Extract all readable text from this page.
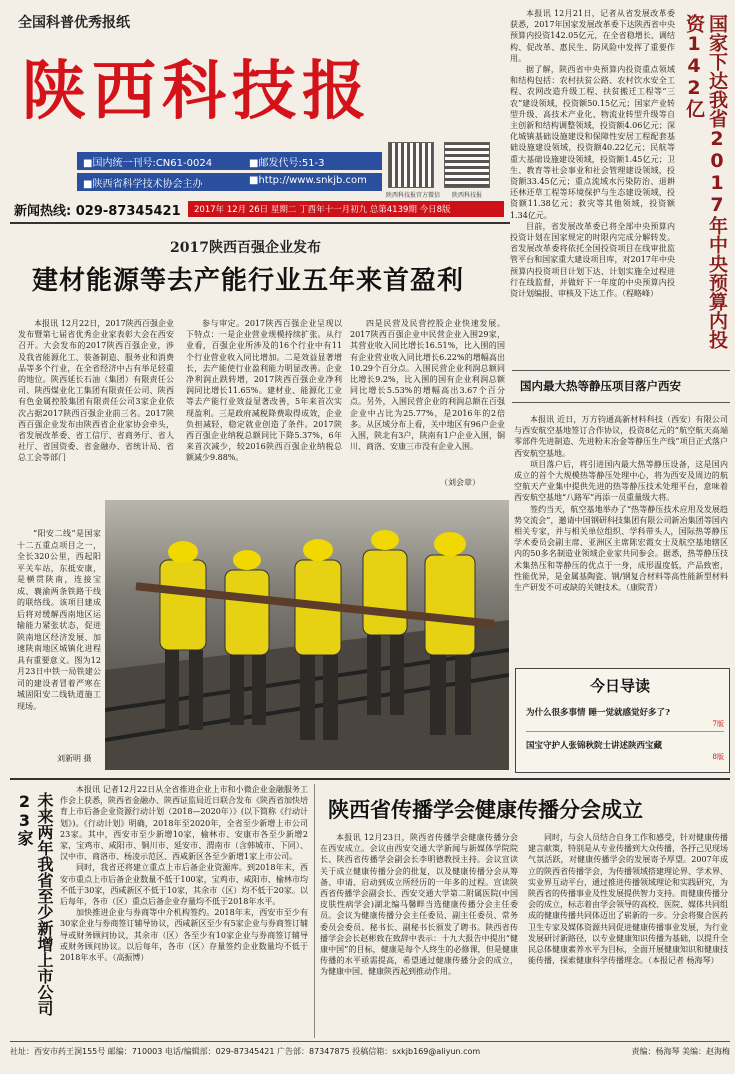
全国科普优秀报纸
陕西科技报
■国内统一刊号:CN61-0024	■邮发代号:51-3
■陕西省科学技术协会主办	■http://www.snkjb.com
陕西科技报官方微信 陕西科技报
新闻热线: 029-87345421 2017年 12月 26日 星期二 丁酉年十一月初九 总第4139期 今日8版

本报讯 12月21日，记者从省发展改革委获悉，2017年国家发展改革委下达陕西省中央预算内投资142.05亿元，在全省稳增长、调结构、促改革、惠民生、防风险中发挥了重要作用。

据了解，陕西省中央预算内投资重点领域和结构包括：农村扶贫公路、农村饮水安全工程、农网改造升级工程、扶贫搬迁工程等“三农”建设领域，投资额50.15亿元；国家产业转型升级、高技术产业化、物流业转型升级等自主创新和结构调整领域，投资额4.06亿元；深化城镇基础设施建设和保障性安居工程配套基础设施建设领域，投资额40.22亿元；民航等重大基础设施建设领域，投资额1.45亿元；卫生、教育等社会事业和社会管理建设领域，投资额33.45亿元；重点流域水污染防治、退耕还林还草工程等环境保护与生态建设领域，投资额11.38亿元；救灾等其他领域，投资额1.34亿元。

目前，省发展改革委已将全部中央预算内投资计划在国家规定的时限内完成分解转发。省发展改革委将依托全国投资项目在线审批监管平台和国家重大建设项目库，对2017年中央预算内投资项目计划下达、计划实施全过程进行在线监督，并做好下一年度的中央预算内投资计划编报、审核及下达工作。（程略峰）	国家下达我省2017年中央预算内投资142亿
2017陕西百强企业发布
建材能源等去产能行业五年来首盈利
本报讯 12月22日，2017陕西百强企业发布暨第七届省优秀企业家表彰大会在西安召开。大会发布的2017陕西百强企业，涉及我省能源化工、装备制造、服务业和消费品等多个行业，在全省经济中占有举足轻重的地位。陕西延长石油（集团）有限责任公司、陕西煤业化工集团有限责任公司、陕西有色金属控股集团有限责任公司3家企业依次占据2017陕西百强企业前三名。2017陕西百强企业发布由陕西省企业家协会牵头，省发展改革委、省工信厅、省商务厅、省人社厅、省国资委、省金融办、省统计局、省总工会等部门
参与审定。2017陕西百强企业呈现以下特点：一是企业营业规模持续扩张。从行业看，百强企业所涉及的16个行业中有11个行业营业收入同比增加。二是效益显著增长，去产能使行业盈利能力明显改善。企业净利润止跌转增，2017陕西百强企业净利润同比增长11.65%。建材业、能源化工业等去产能行业效益显著改善，5年来首次实现盈利。三是政府减税降费取得成效，企业负担减轻，稳定就业创造了条件。2017陕西百强企业纳税总额同比下降5.37%，6年来首次减少，较2016陕西百强企业纳税总额减少9.88%。
四是民营及民营控股企业快速发展。2017陕西百强企业中民营企业入围29家，其营业收入同比增长16.51%，比入围的国有企业营业收入同比增长6.22%的增幅高出10.29个百分点。入围民营企业利润总额同比增长9.2%，比入围的国有企业利润总额同比增长5.53%的增幅高出3.67个百分点。另外，入围民营企业的利润总额在百强企业中占比为25.77%，是2016年的2倍多。从区域分布上看，关中地区有96户企业入围，陕北有3户，陕南有1户企业入围，铜川、商洛、安康三市没有企业入围。
（刘会章）
“阳安二线”是国家十二五重点项目之一，全长320公里，西起阳平关车站，东抵安康，是横贯陕南，连接宝成、襄渝两条铁路干线的联络线。该项目建成后将对缓解西南地区运输能力紧张状态，促进陕南地区经济发展、加速陕南地区城镇化进程具有重要意义。图为12月23日中铁一局铁建公司的建设者冒着严寒在城固阳安二线轨道施工现场。
刘新明 摄
国内最大热等静压项目落户西安

本报讯 近日，万方钧通高新材料科技（西安）有限公司与西安航空基地签订合作协议，投资8亿元的“航空航天高端零部件先进制造、先进粉末冶金等静压生产线”项目正式落户西安航空基地。

项目落户后，将引进国内最大热等静压设备，这是国内成立的首个大规模热等静压处理中心，将为西安及周边的航空航天产业集中提供先进的热等静压技术处理平台，意味着西安航空基地“八路军”再添一员重量级大将。

签约当天，航空基地举办了“热等静压技术应用及发展趋势交流会”，邀请中国钢研科技集团有限公司新冶集团等国内相关专家，并与相关单位组织、学科带头人，国际热等静压学术委员会副主席、亚洲区主席陈宏霞女士及航空基地辖区内的50多名制造业领域企业家共同参会。据悉，热等静压技术集热压和等静压的优点于一身，成形温度低，产品致密，性能优异，是金属基陶瓷、钢/钢复合材料等高性能新型材料生产研发不可或缺的关键技术。（康院青）

今日导读
为什么很多事情 睡一觉就感觉好多了?
7版
国宝守护人张锦秋院士讲述陕西宝藏
8版
未来两年我省至少新增上市公司23家

本报讯 记者12月22日从全省推进企业上市和小微企业金融服务工作会上获悉，陕西省金融办、陕西证监局近日联合发布《陕西省加快培育上市后备企业资源行动计划（2018—2020年）》(以下简称《行动计划》)。《行动计划》明确，2018年至2020年，全省至少新增上市公司23家。其中，西安市至少新增10家，榆林市、安康市各至少新增2家，宝鸡市、咸阳市、铜川市、延安市、渭南市（含韩城市、下同）、汉中市、商洛市、杨凌示范区、西咸新区各至少新增1家上市公司。

同时，我省还将建立重点上市后备企业资源库。到2018年末，西安市重点上市后备企业数量不低于100家，宝鸡市、咸阳市、榆林市均不低于30家，西咸新区不低于10家，其余市（区）均不低于20家。以后每年，各市（区）重点后备企业存量均不低于2018年水平。

加快推进企业与券商等中介机构签约。2018年末，西安市至少有30家企业与券商签订辅导协议，西咸新区至少有5家企业与券商签订辅导或财务顾问协议，其余市（区）各至少有10家企业与券商签订辅导或财务顾问协议。以后每年，各市（区）存量签约企业数量均不低于2018年水平。（高振博）

陕西省传播学会健康传播分会成立
本报讯 12月23日，陕西省传播学会健康传播分会在西安成立。会议由西安交通大学新闻与新媒体学院院长、陕西省传播学会副会长李明德教授主持。会议宣读关于成立健康传播分会的批复，以及健康传播分会从筹备、申请、启动到成立所经历的一年多的过程。宣读陕西省传播学会副会长、西安交通大学第二附属医院(中国皮肤性病学会)湖北编马馨畔当选健康传播分会主任委员。会议为健康传播分会主任委员、副主任委员、常务委员会委员、秘书长、副秘书长颁发了聘书。陕西省传播学会会长赵彬致在致辞中表示：十九大报告中提出“健康中国”的目标，健康是每个人终生的必修课，但是健康传播的水平亟需提高，希望通过健康传播分会的成立，为健康中国、健康陕西起到推动作用。
同时，与会人员结合自身工作和感受，针对健康传播建言献策，特别是从专业传播到大众传播，各抒己见现场气氛活跃，对健康传播学会的发展寄予厚望。2007年成立的陕西省传播学会，为传播领域搭建理论界、学术界、实业界互动平台，通过推进传播领域理论和实践研究，为陕西省的传播事业及性发展提供智力支持。而健康传播分会的成立，标志着由学会领导的高校、医院、媒体共同组成的健康传播共同体迈出了崭新的一步。分会将聚合医药卫生专家及媒体资源共同促进健康传播事业发展，为行业发展研讨新路径，以专业健康知识传播为基础，以提升全民总体健康素养水平为目标，全面开展健康知识和健康技能传播，探索健康科学传播理念。（本报记者 杨海琴）
社址：西安市药王洞155号 邮编：710003 电话/编辑部：029-87345421 广告部：87347875 投稿信箱：sxkjb169@aliyun.com	责编：杨海琴 美编：赵海梅
